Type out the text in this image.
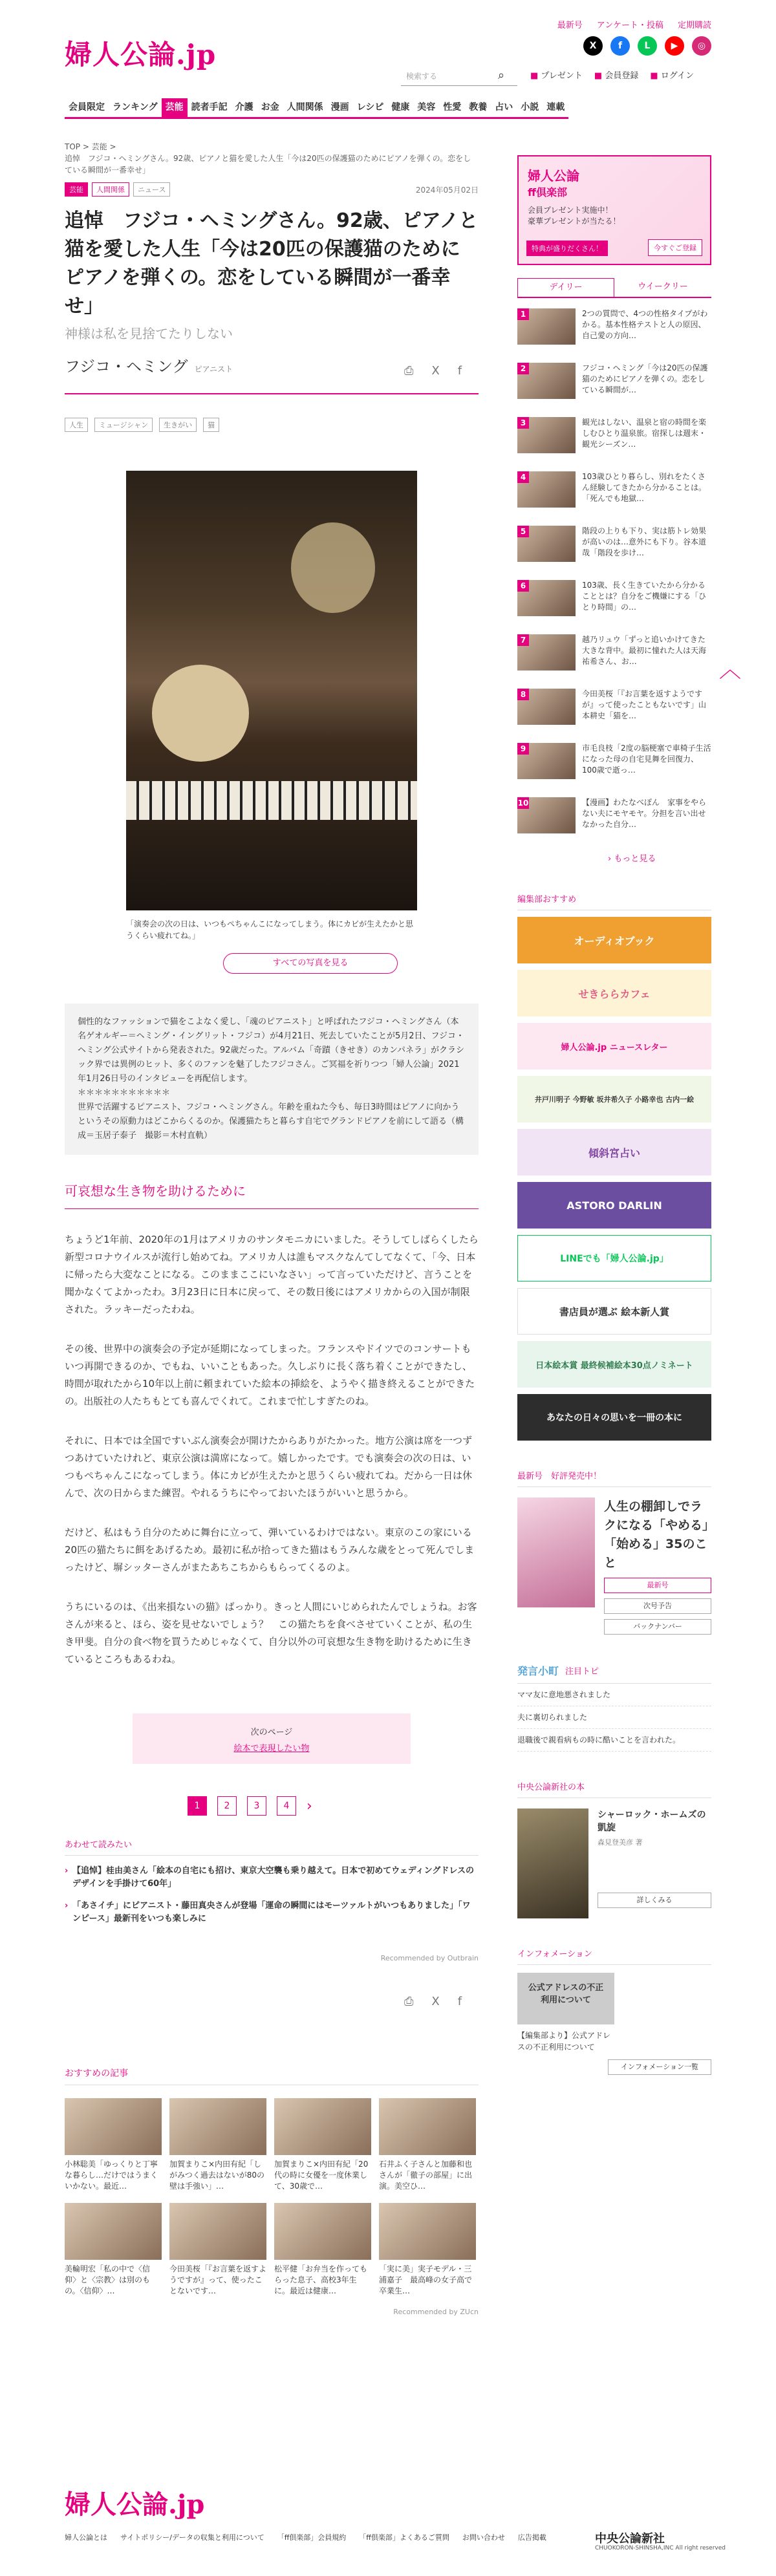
婦人公論.jp
最新号 アンケート・投稿 定期購読
X	f	L	▶	◎
検索する	⌕	■ プレゼント ■ 会員登録 ■ ログイン
会員限定 ランキング 芸能 読者手記 介護 お金 人間関係 漫画 レシピ 健康 美容 性愛 教養 占い 小説 連載
TOP > 芸能 >
追悼　フジコ・ヘミングさん。92歳、ピアノと猫を愛した人生「今は20匹の保護猫のためにピアノを弾くの。恋をしている瞬間が一番幸せ」
芸能	人間関係	ニュース	2024年05月02日
追悼　フジコ・ヘミングさん。92歳、ピアノと猫を愛した人生「今は20匹の保護猫のためにピアノを弾くの。恋をしている瞬間が一番幸せ」
神様は私を見捨てたりしない
フジコ・ヘミング ピアニスト	⎙ X f
人生	ミュージシャン	生きがい	猫
「演奏会の次の日は、いつもぺちゃんこになってしまう。体にカビが生えたかと思うくらい疲れてね。」
すべての写真を見る
個性的なファッションで猫をこよなく愛し、「魂のピアニスト」と呼ばれたフジコ・ヘミングさん（本名ゲオルギー＝ヘミング・イングリット・フジコ）が4月21日、死去していたことが5月2日、フジコ・ヘミング公式サイトから発表された。92歳だった。アルバム「奇蹟（きせき）のカンパネラ」がクラシック界では異例のヒット、多くのファンを魅了したフジコさん。ご冥福を祈りつつ「婦人公論」2021年1月26日号のインタビューを再配信します。
＊＊＊＊＊＊＊＊＊＊＊
世界で活躍するピアニスト、フジコ・ヘミングさん。年齢を重ねた今も、毎日3時間はピアノに向かうというその原動力はどこからくるのか。保護猫たちと暮らす自宅でグランドピアノを前にして語る（構成＝玉居子泰子　撮影＝木村直軌）
可哀想な生き物を助けるために

ちょうど1年前、2020年の1月はアメリカのサンタモニカにいました。そうしてしばらくしたら新型コロナウイルスが流行し始めてね。アメリカ人は誰もマスクなんてしてなくて、「今、日本に帰ったら大変なことになる。このままここにいなさい」って言っていただけど、言うことを聞かなくてよかったわ。3月23日に日本に戻って、その数日後にはアメリカからの入国が制限された。ラッキーだったわね。

その後、世界中の演奏会の予定が延期になってしまった。フランスやドイツでのコンサートもいつ再開できるのか、でもね、いいこともあった。久しぶりに長く落ち着くことができたし、時間が取れたから10年以上前に頼まれていた絵本の挿絵を、ようやく描き終えることができたの。出版社の人たちもとても喜んでくれて。これまで忙しすぎたのね。

それに、日本では全国ですいぶん演奏会が開けたからありがたかった。地方公演は席を一つずつあけていたけれど、東京公演は満席になって。嬉しかったです。でも演奏会の次の日は、いつもぺちゃんこになってしまう。体にカビが生えたかと思うくらい疲れてね。だから一日は休んで、次の日からまた練習。やれるうちにやっておいたほうがいいと思うから。

だけど、私はもう自分のために舞台に立って、弾いているわけではない。東京のこの家にいる20匹の猫たちに餌をあげるため。最初に私が拾ってきた猫はもうみんな歳をとって死んでしまったけど、塀シッターさんがまたあちこちからもらってくるのよ。

うちにいるのは、《出来損ないの猫》ばっかり。きっと人間にいじめられたんでしょうね。お客さんが来ると、ほら、姿を見せないでしょう？　この猫たちを食べさせていくことが、私の生き甲斐。自分の食べ物を買うためじゃなくて、自分以外の可哀想な生き物を助けるために生きているところもあるわね。

次のページ
絵本で表現したい物
1	2	3	4	›
あわせて読みたい
› 【追悼】桂由美さん「絵本の自宅にも招け、東京大空襲も乗り越えて。日本で初めてウェディングドレスのデザインを手掛けて60年」
› 「あさイチ」にピアニスト・藤田真央さんが登場「運命の瞬間にはモーツァルトがいつもありました」「ワンピース」最新刊をいつも楽しみに
Recommended by Outbrain
⎙ X f
おすすめの記事
小林聡美「ゆっくりと丁寧な暮らし…だけではうまくいかない。最近…
加賀まりこ×内田有紀「しがみつく過去はないが80の壁は手強い」…
加賀まりこ×内田有紀「20代の時に女優を一度休業して、30歳で…
石井ふく子さんと加藤和也さんが「徹子の部屋」に出演。美空ひ…
美輪明宏「私の中で〈信仰〉と〈宗教〉は別のもの。〈信仰〉…
今田美桜「『お言葉を返すようですが』って、使ったことないです…
松平健「お弁当を作ってもらった息子、高校3年生に。最近は健康…
「実に美」実子モデル・三浦嘉子　最高峰の女子高で卒業生…
Recommended by ZUcn
婦人公論
ff倶楽部
会員プレゼント実施中！
豪華プレゼントが当たる！
特典が盛りだくさん！	今すぐご登録
デイリー	ウイークリー
1	2つの質問で、4つの性格タイプがわかる。基本性格テストと人の原因、自己愛の方向…
2	フジコ・ヘミング「今は20匹の保護猫のためにピアノを弾くの。恋をしている瞬間が…
3	観光はしない、温泉と宿の時間を楽しむひとり温泉旅。宿探しは週末・観光シーズン…
4	103歳ひとり暮らし、別れをたくさん経験してきたから分かることは。「死んでも地獄…
5	階段の上りも下り、実は筋トレ効果が高いのは…意外にも下り。谷本道哉「階段を歩け…
6	103歳、長く生きていたから分かることとは？自分をご機嫌にする「ひとり時間」の…
7	越乃リュウ「ずっと追いかけてきた大きな背中。最初に憧れた人は天海祐希さん、お…
8	今田美桜「『お言葉を返すようですが』って使ったこともないです」山本耕史「猫を…
9	市毛良枝「2度の脳梗塞で車椅子生活になった母の自宅見舞を回復力、100歳で逝っ…
10	【漫画】わたなべぽん　家事をやらない夫にモヤモヤ。分担を言い出せなかった自分…
› もっと見る
編集部おすすめ
オーディオブック
せきららカフェ
婦人公論.jp ニュースレター
井戸川明子 今野敏 坂井希久子 小路幸也 古内一絵
傾斜宮占い
ASTORO DARLIN
LINEでも「婦人公論.jp」
書店員が選ぶ 絵本新人賞
日本絵本賞 最終候補絵本30点ノミネート
あなたの日々の思いを一冊の本に
最新号　好評発売中！
人生の棚卸しでラクになる「やめる」「始める」35のこと
最新号
次号予告
バックナンバー
発言小町 注目トピ
ママ友に意地悪されました
夫に裏切られました
退職後で親看病もの時に酷いことを言われた。
中央公論新社の本
シャーロック・ホームズの凱旋
森見登美彦 著
詳しくみる
インフォメーション
公式アドレスの不正利用について
【編集部より】公式アドレスの不正利用について
インフォメーション一覧
︿
婦人公論.jp
婦人公論とは サイトポリシー/データの収集と利用について 「ff倶楽部」会員規約 「ff倶楽部」よくあるご質問 お問い合わせ 広告掲載	中央公論新社
CHUOKORON-SHINSHA,INC All right reserved
